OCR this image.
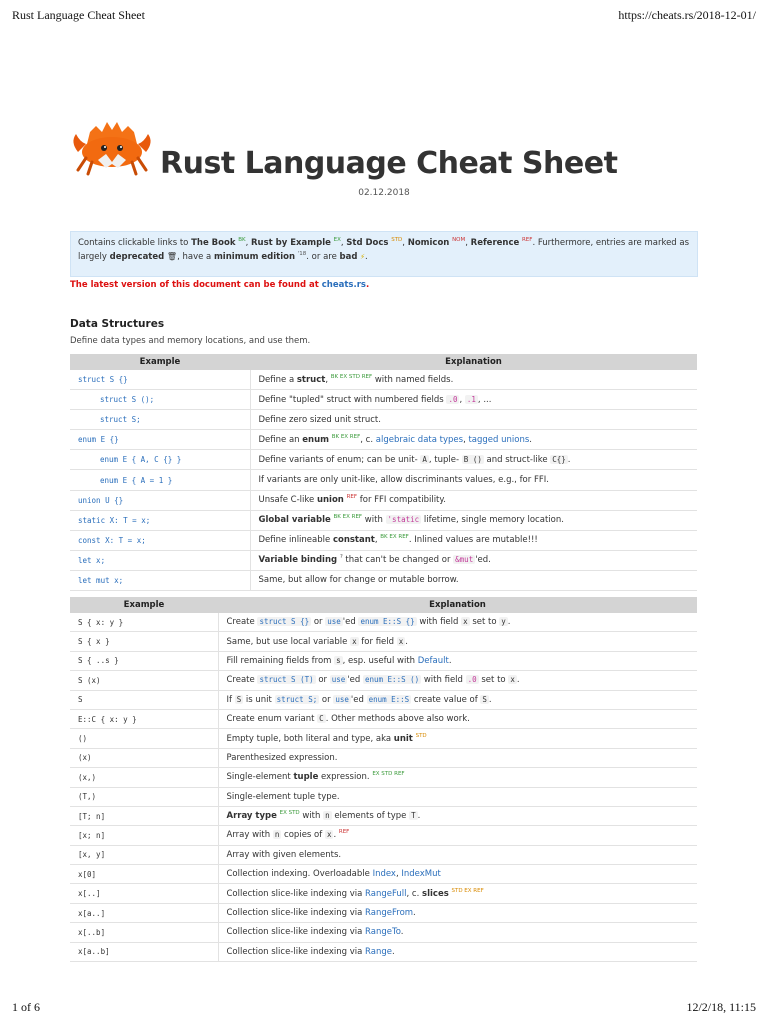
Rust Language Cheat Sheet	https://cheats.rs/2018-12-01/
Rust Language Cheat Sheet
02.12.2018
Contains clickable links to The Book $^{BK}$, Rust by Example $^{EX}$, Std Docs $^{STD}$, Nomicon $^{NOM}$, Reference $^{REF}$. Furthermore, entries are marked as largely deprecated 🗑, have a minimum edition $^{'18}$. or are bad ⚡.
The latest version of this document can be found at cheats.rs.
Data Structures
Define data types and memory locations, and use them.
Example	Explanation
struct S {}	Define a struct, $^{BK EX STD REF}$ with named fields.
struct S ();	Define "tupled" struct with numbered fields .0 , .1 , ...
struct S;	Define zero sized unit struct.
enum E {}	Define an enum $^{BK EX REF}$, c. algebraic data types, tagged unions.
enum E { A, C {} }	Define variants of enum; can be unit- A , tuple- B () and struct-like C{} .
enum E { A = 1 }	If variants are only unit-like, allow discriminants values, e.g., for FFI.
union U {}	Unsafe C-like union $^{REF}$ for FFI compatibility.
static X: T = x;	Global variable $^{BK EX REF}$ with 'static lifetime, single memory location.
const X: T = x;	Define inlineable constant, $^{BK EX REF}$. Inlined values are mutable!!!
let x;	Variable binding ? that can't be changed or &mut 'ed.
let mut x;	Same, but allow for change or mutable borrow.
Example	Explanation
S { x: y }	Create struct S {} or use 'ed enum E::S {} with field x set to y .
S { x }	Same, but use local variable x for field x .
S { ..s }	Fill remaining fields from s , esp. useful with Default.
S (x)	Create struct S (T) or use 'ed enum E::S () with field .0 set to x .
S	If S is unit struct S; or use 'ed enum E::S create value of S .
E::C { x: y }	Create enum variant C . Other methods above also work.
()	Empty tuple, both literal and type, aka unit $^{STD}$
(x)	Parenthesized expression.
(x,)	Single-element tuple expression. $^{EX STD REF}$
(T,)	Single-element tuple type.
[T; n]	Array type $^{EX STD}$ with n elements of type T .
[x; n]	Array with n copies of x . $^{REF}$
[x, y]	Array with given elements.
x[0]	Collection indexing. Overloadable Index, IndexMut
x[..]	Collection slice-like indexing via RangeFull, c. slices $^{STD EX REF}$
x[a..]	Collection slice-like indexing via RangeFrom.
x[..b]	Collection slice-like indexing via RangeTo.
x[a..b]	Collection slice-like indexing via Range.
1 of 6	12/2/18, 11:15
